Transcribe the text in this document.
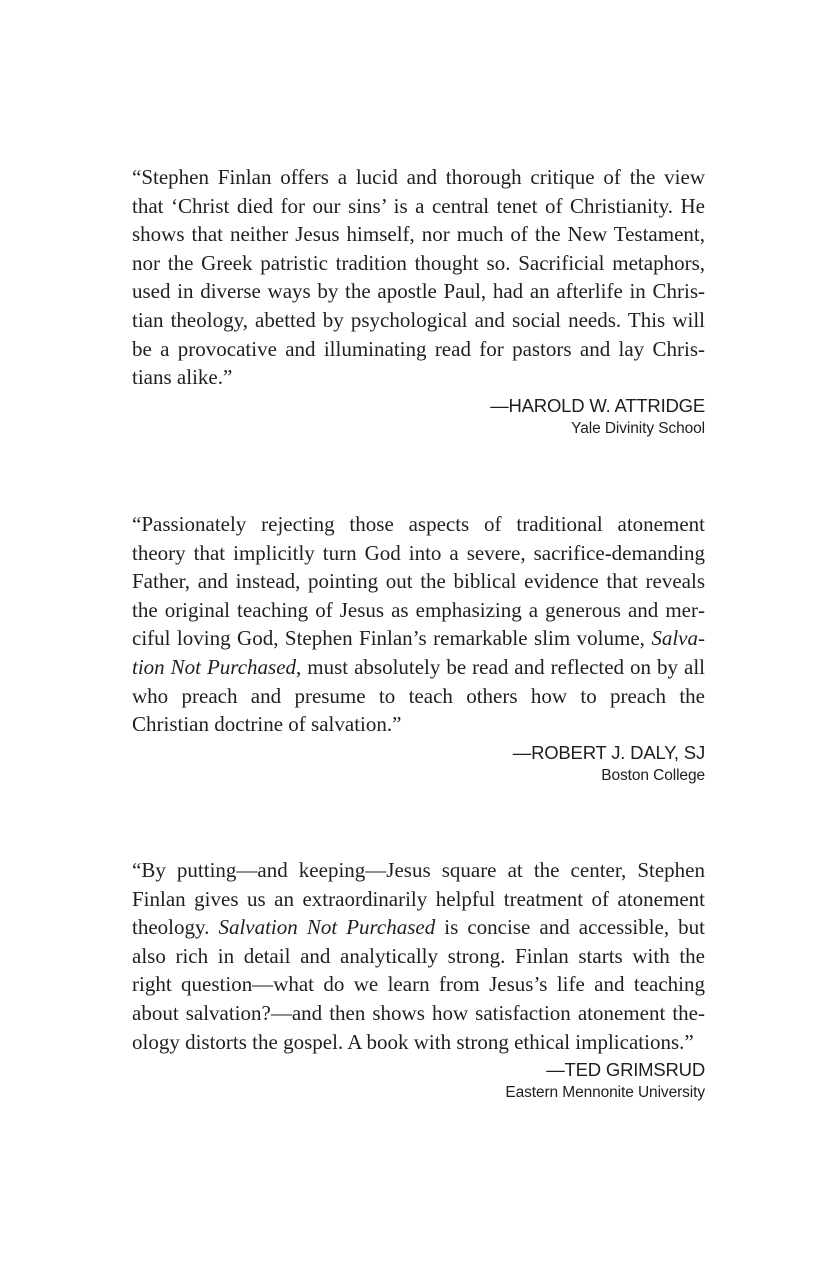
“Stephen Finlan offers a lucid and thorough critique of the view that ‘Christ died for our sins’ is a central tenet of Christianity. He shows that neither Jesus himself, nor much of the New Testament, nor the Greek patristic tradition thought so. Sacrificial metaphors, used in diverse ways by the apostle Paul, had an afterlife in Christian theology, abetted by psychological and social needs. This will be a provocative and illuminating read for pastors and lay Christians alike.”

—HAROLD W. ATTRIDGE
Yale Divinity School

“Passionately rejecting those aspects of traditional atonement theory that implicitly turn God into a severe, sacrifice-demanding Father, and instead, pointing out the biblical evidence that reveals the original teaching of Jesus as emphasizing a generous and merciful loving God, Stephen Finlan’s remarkable slim volume, Salvation Not Purchased, must absolutely be read and reflected on by all who preach and presume to teach others how to preach the Christian doctrine of salvation.”

—ROBERT J. DALY, SJ
Boston College

“By putting—and keeping—Jesus square at the center, Stephen Finlan gives us an extraordinarily helpful treatment of atonement theology. Salvation Not Purchased is concise and accessible, but also rich in detail and analytically strong. Finlan starts with the right question—what do we learn from Jesus’s life and teaching about salvation?—and then shows how satisfaction atonement theology distorts the gospel. A book with strong ethical implications.”

—TED GRIMSRUD
Eastern Mennonite University
